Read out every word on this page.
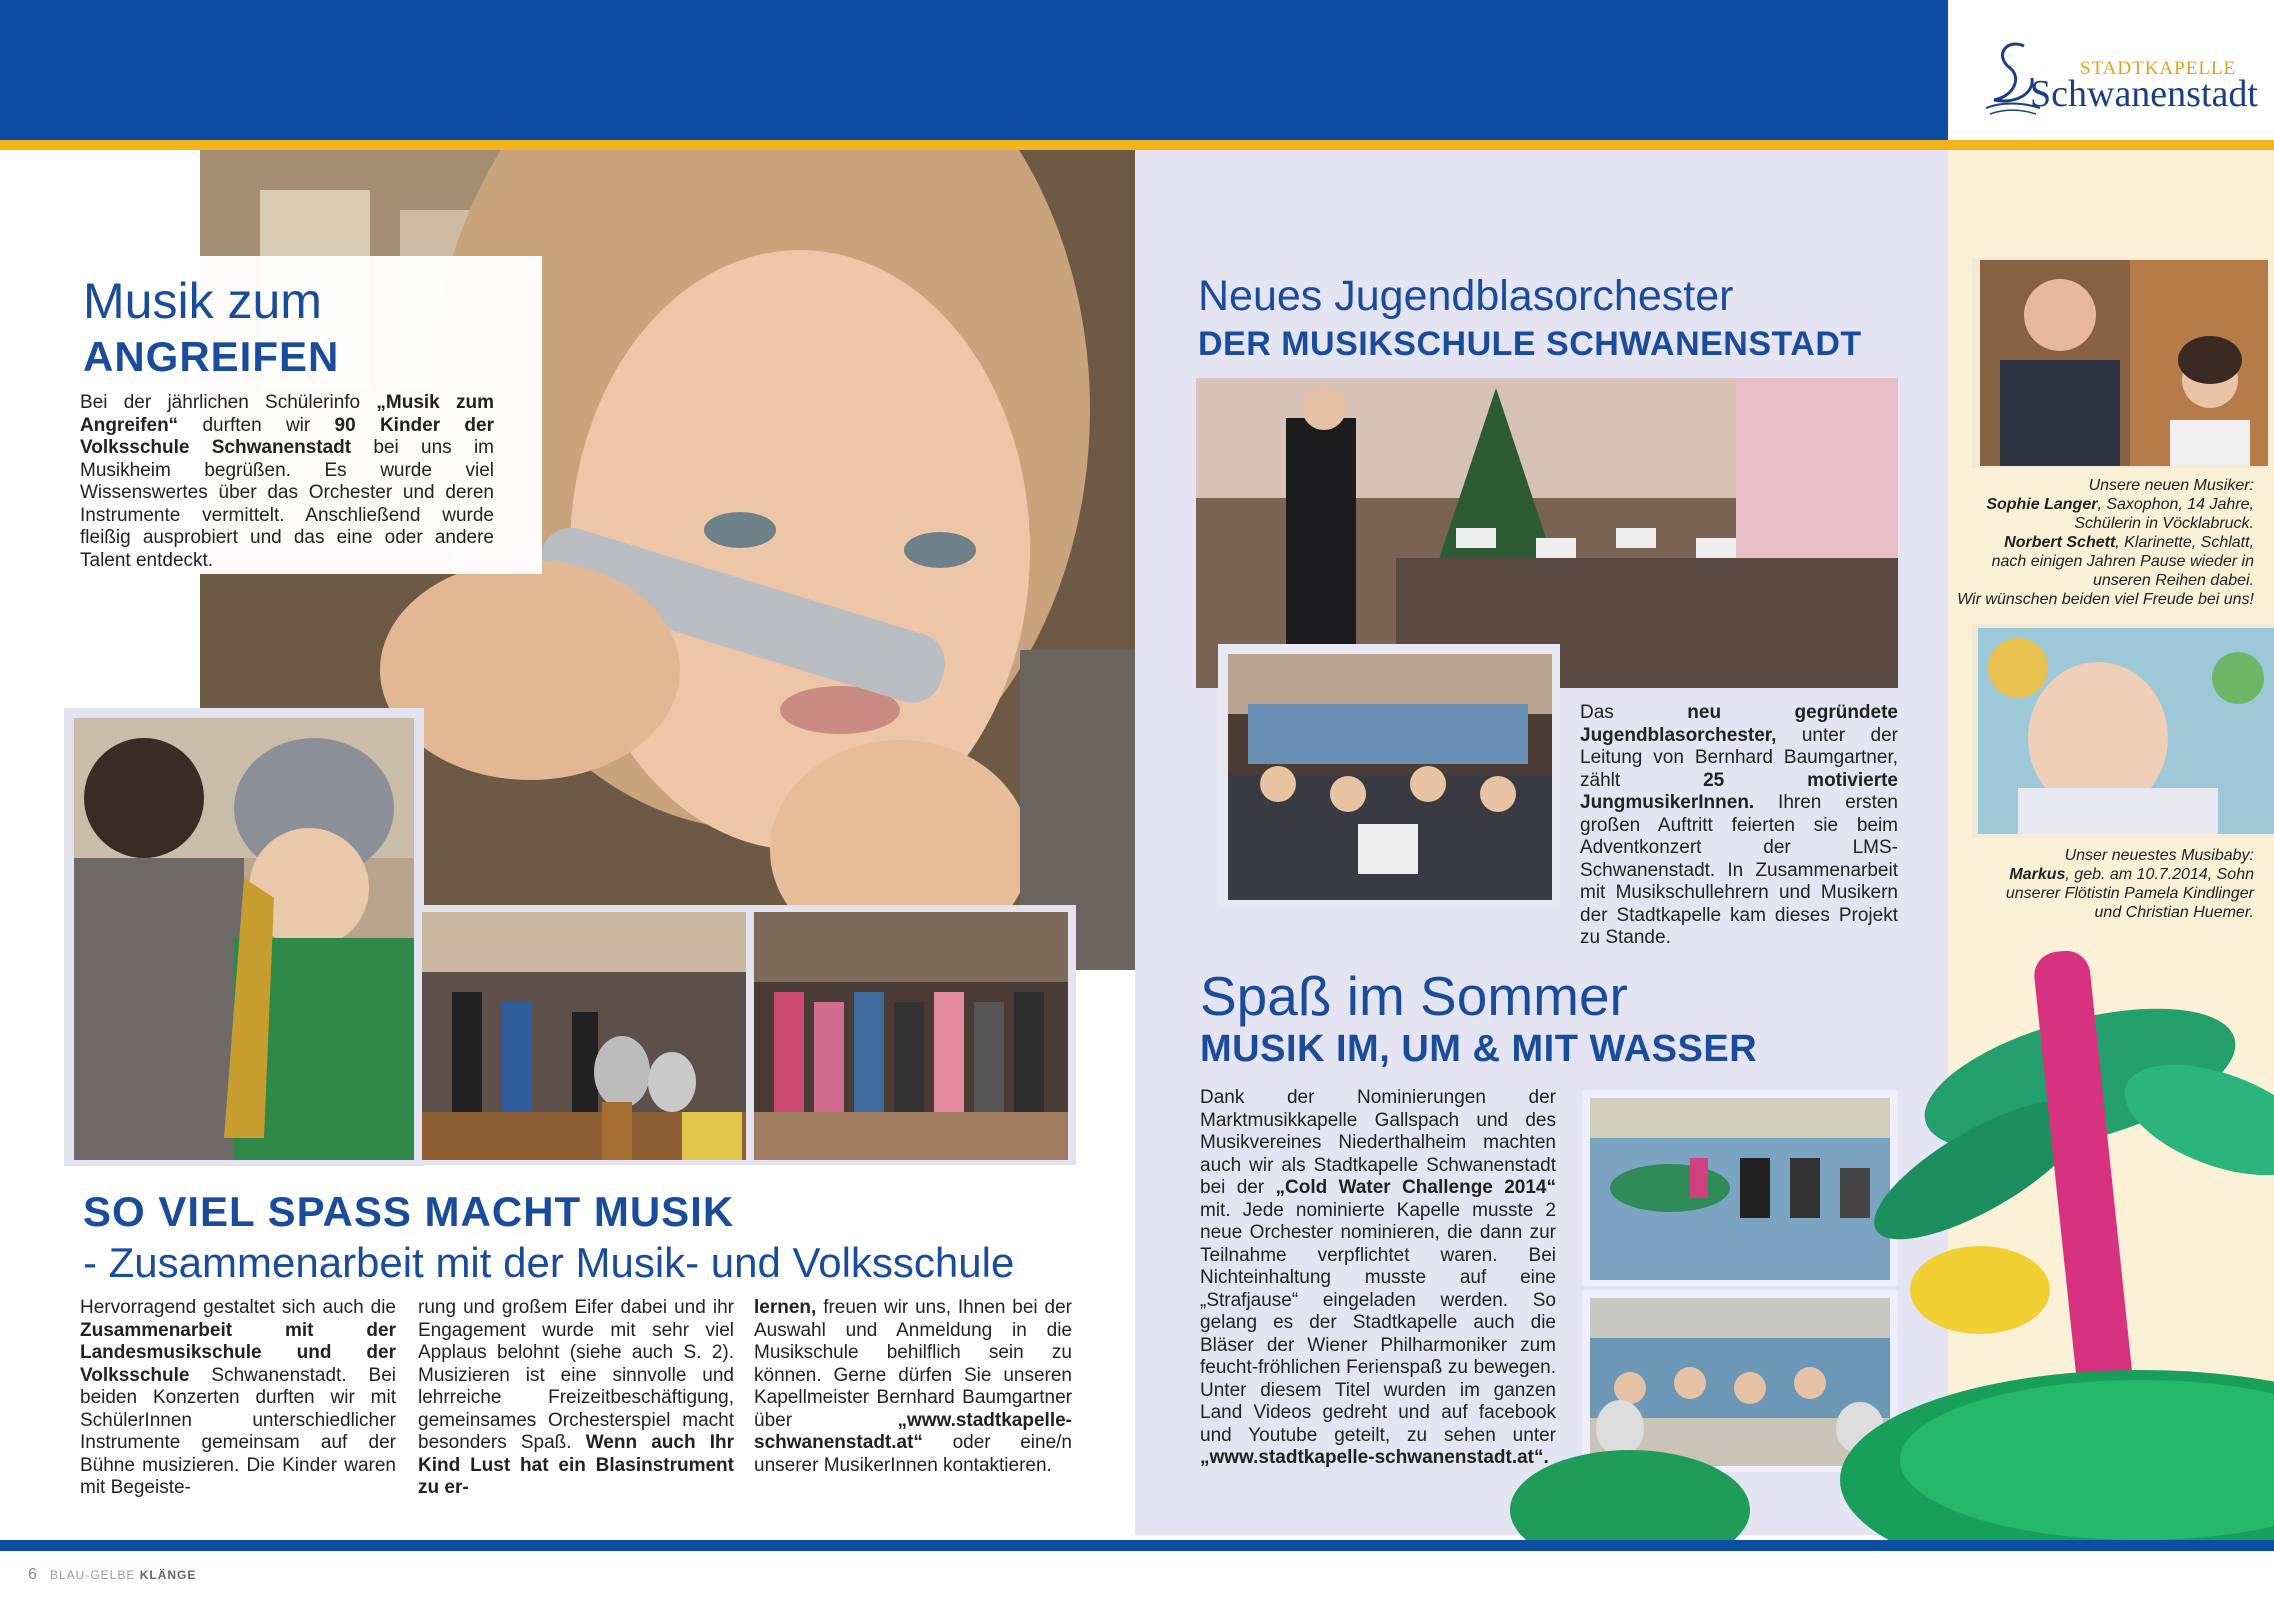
STADTKAPELLE
Schwanenstadt
Musik zum
ANGREIFEN
Bei der jährlichen Schülerinfo „Musik zum Angreifen“ durften wir 90 Kinder der Volksschule Schwanenstadt bei uns im Musikheim begrüßen. Es wurde viel Wissenswertes über das Orchester und deren Instrumente vermittelt. Anschließend wurde fleißig ausprobiert und das eine oder andere Talent entdeckt.
SO VIEL SPASS MACHT MUSIK
- Zusammenarbeit mit der Musik- und Volksschule
Hervorragend gestaltet sich auch die Zusammenarbeit mit der Landesmusikschule und der Volksschule Schwanenstadt. Bei beiden Konzerten durften wir mit SchülerInnen unterschiedlicher Instrumente gemeinsam auf der Bühne musizieren. Die Kinder waren mit Begeiste-
rung und großem Eifer dabei und ihr Engagement wurde mit sehr viel Applaus belohnt (siehe auch S. 2). Musizieren ist eine sinnvolle und lehrreiche Freizeitbeschäftigung, gemeinsames Orchesterspiel macht besonders Spaß. Wenn auch Ihr Kind Lust hat ein Blasinstrument zu er-
lernen, freuen wir uns, Ihnen bei der Auswahl und Anmeldung in die Musikschule behilflich sein zu können. Gerne dürfen Sie unseren Kapellmeister Bernhard Baumgartner über „www.stadtkapelle-schwanenstadt.at“ oder eine/n unserer MusikerInnen kontaktieren.
Neues Jugendblasorchester
DER MUSIKSCHULE SCHWANENSTADT
Das neu gegründete Jugendblasorchester, unter der Leitung von Bernhard Baumgartner, zählt 25 motivierte JungmusikerInnen. Ihren ersten großen Auftritt feierten sie beim Adventkonzert der LMS-Schwanenstadt. In Zusammenarbeit mit Musikschullehrern und Musikern der Stadtkapelle kam dieses Projekt zu Stande.
Spaß im Sommer
MUSIK IM, UM & MIT WASSER
Dank der Nominierungen der Marktmusikkapelle Gallspach und des Musikvereines Niederthalheim machten auch wir als Stadtkapelle Schwanenstadt bei der „Cold Water Challenge 2014“ mit. Jede nominierte Kapelle musste 2 neue Orchester nominieren, die dann zur Teilnahme verpflichtet waren. Bei Nichteinhaltung musste auf eine „Strafjause“ eingeladen werden. So gelang es der Stadtkapelle auch die Bläser der Wiener Philharmoniker zum feucht-fröhlichen Ferienspaß zu bewegen. Unter diesem Titel wurden im ganzen Land Videos gedreht und auf facebook und Youtube geteilt, zu sehen unter „www.stadtkapelle-schwanenstadt.at“.
Unsere neuen Musiker:
Sophie Langer, Saxophon, 14 Jahre,
Schülerin in Vöcklabruck.
Norbert Schett, Klarinette, Schlatt,
nach einigen Jahren Pause wieder in
unseren Reihen dabei.
Wir wünschen beiden viel Freude bei uns!
Unser neuestes Musibaby:
Markus, geb. am 10.7.2014, Sohn
unserer Flötistin Pamela Kindlinger
und Christian Huemer.
6 BLAU-GELBE KLÄNGE
